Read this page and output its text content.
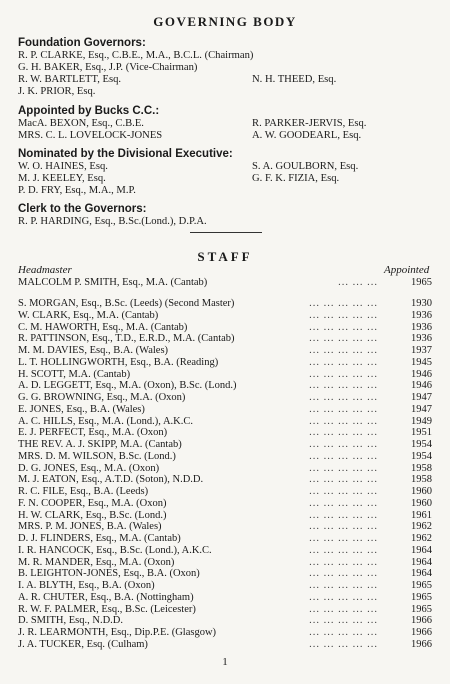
GOVERNING BODY
Foundation Governors:
R. P. CLARKE, Esq., C.B.E., M.A., B.C.L. (Chairman)
G. H. BAKER, Esq., J.P. (Vice-Chairman)
R. W. BARTLETT, Esq.	N. H. THEED, Esq.
J. K. PRIOR, Esq.
Appointed by Bucks C.C.:
MacA. BEXON, Esq., C.B.E.	R. PARKER-JERVIS, Esq.
MRS. C. L. LOVELOCK-JONES	A. W. GOODEARL, Esq.
Nominated by the Divisional Executive:
W. O. HAINES, Esq.	S. A. GOULBORN, Esq.
M. J. KEELEY, Esq.	G. F. K. FIZIA, Esq.
P. D. FRY, Esq., M.A., M.P.
Clerk to the Governors:
R. P. HARDING, Esq., B.Sc.(Lond.), D.P.A.
STAFF
Headmaster	Appointed
... ... ...
MALCOLM P. SMITH, Esq., M.A. (Cantab)	1965
... ... ... ... ...
S. MORGAN, Esq., B.Sc. (Leeds) (Second Master)	1930
... ... ... ... ...
W. CLARK, Esq., M.A. (Cantab)	1936
... ... ... ... ...
C. M. HAWORTH, Esq., M.A. (Cantab)	1936
... ... ... ... ...
R. PATTINSON, Esq., T.D., E.R.D., M.A. (Cantab)	1936
... ... ... ... ...
M. M. DAVIES, Esq., B.A. (Wales)	1937
... ... ... ... ...
L. T. HOLLINGWORTH, Esq., B.A. (Reading)	1945
... ... ... ... ...
H. SCOTT, M.A. (Cantab)	1946
... ... ... ... ...
A. D. LEGGETT, Esq., M.A. (Oxon), B.Sc. (Lond.)	1946
... ... ... ... ...
G. G. BROWNING, Esq., M.A. (Oxon)	1947
... ... ... ... ...
E. JONES, Esq., B.A. (Wales)	1947
... ... ... ... ...
A. C. HILLS, Esq., M.A. (Lond.), A.K.C.	1949
... ... ... ... ...
E. J. PERFECT, Esq., M.A. (Oxon)	1951
... ... ... ... ...
THE REV. A. J. SKIPP, M.A. (Cantab)	1954
... ... ... ... ...
MRS. D. M. WILSON, B.Sc. (Lond.)	1954
... ... ... ... ...
D. G. JONES, Esq., M.A. (Oxon)	1958
... ... ... ... ...
M. J. EATON, Esq., A.T.D. (Soton), N.D.D.	1958
... ... ... ... ...
R. C. FILE, Esq., B.A. (Leeds)	1960
... ... ... ... ...
F. N. COOPER, Esq., M.A. (Oxon)	1960
... ... ... ... ...
H. W. CLARK, Esq., B.Sc. (Lond.)	1961
... ... ... ... ...
MRS. P. M. JONES, B.A. (Wales)	1962
... ... ... ... ...
D. J. FLINDERS, Esq., M.A. (Cantab)	1962
... ... ... ... ...
I. R. HANCOCK, Esq., B.Sc. (Lond.), A.K.C.	1964
... ... ... ... ...
M. R. MANDER, Esq., M.A. (Oxon)	1964
... ... ... ... ...
B. LEIGHTON-JONES, Esq., B.A. (Oxon)	1964
... ... ... ... ...
I. A. BLYTH, Esq., B.A. (Oxon)	1965
... ... ... ... ...
A. R. CHUTER, Esq., B.A. (Nottingham)	1965
... ... ... ... ...
R. W. F. PALMER, Esq., B.Sc. (Leicester)	1965
... ... ... ... ...
D. SMITH, Esq., N.D.D.	1966
... ... ... ... ...
J. R. LEARMONTH, Esq., Dip.P.E. (Glasgow)	1966
... ... ... ... ...
J. A. TUCKER, Esq. (Culham)	1966
1
